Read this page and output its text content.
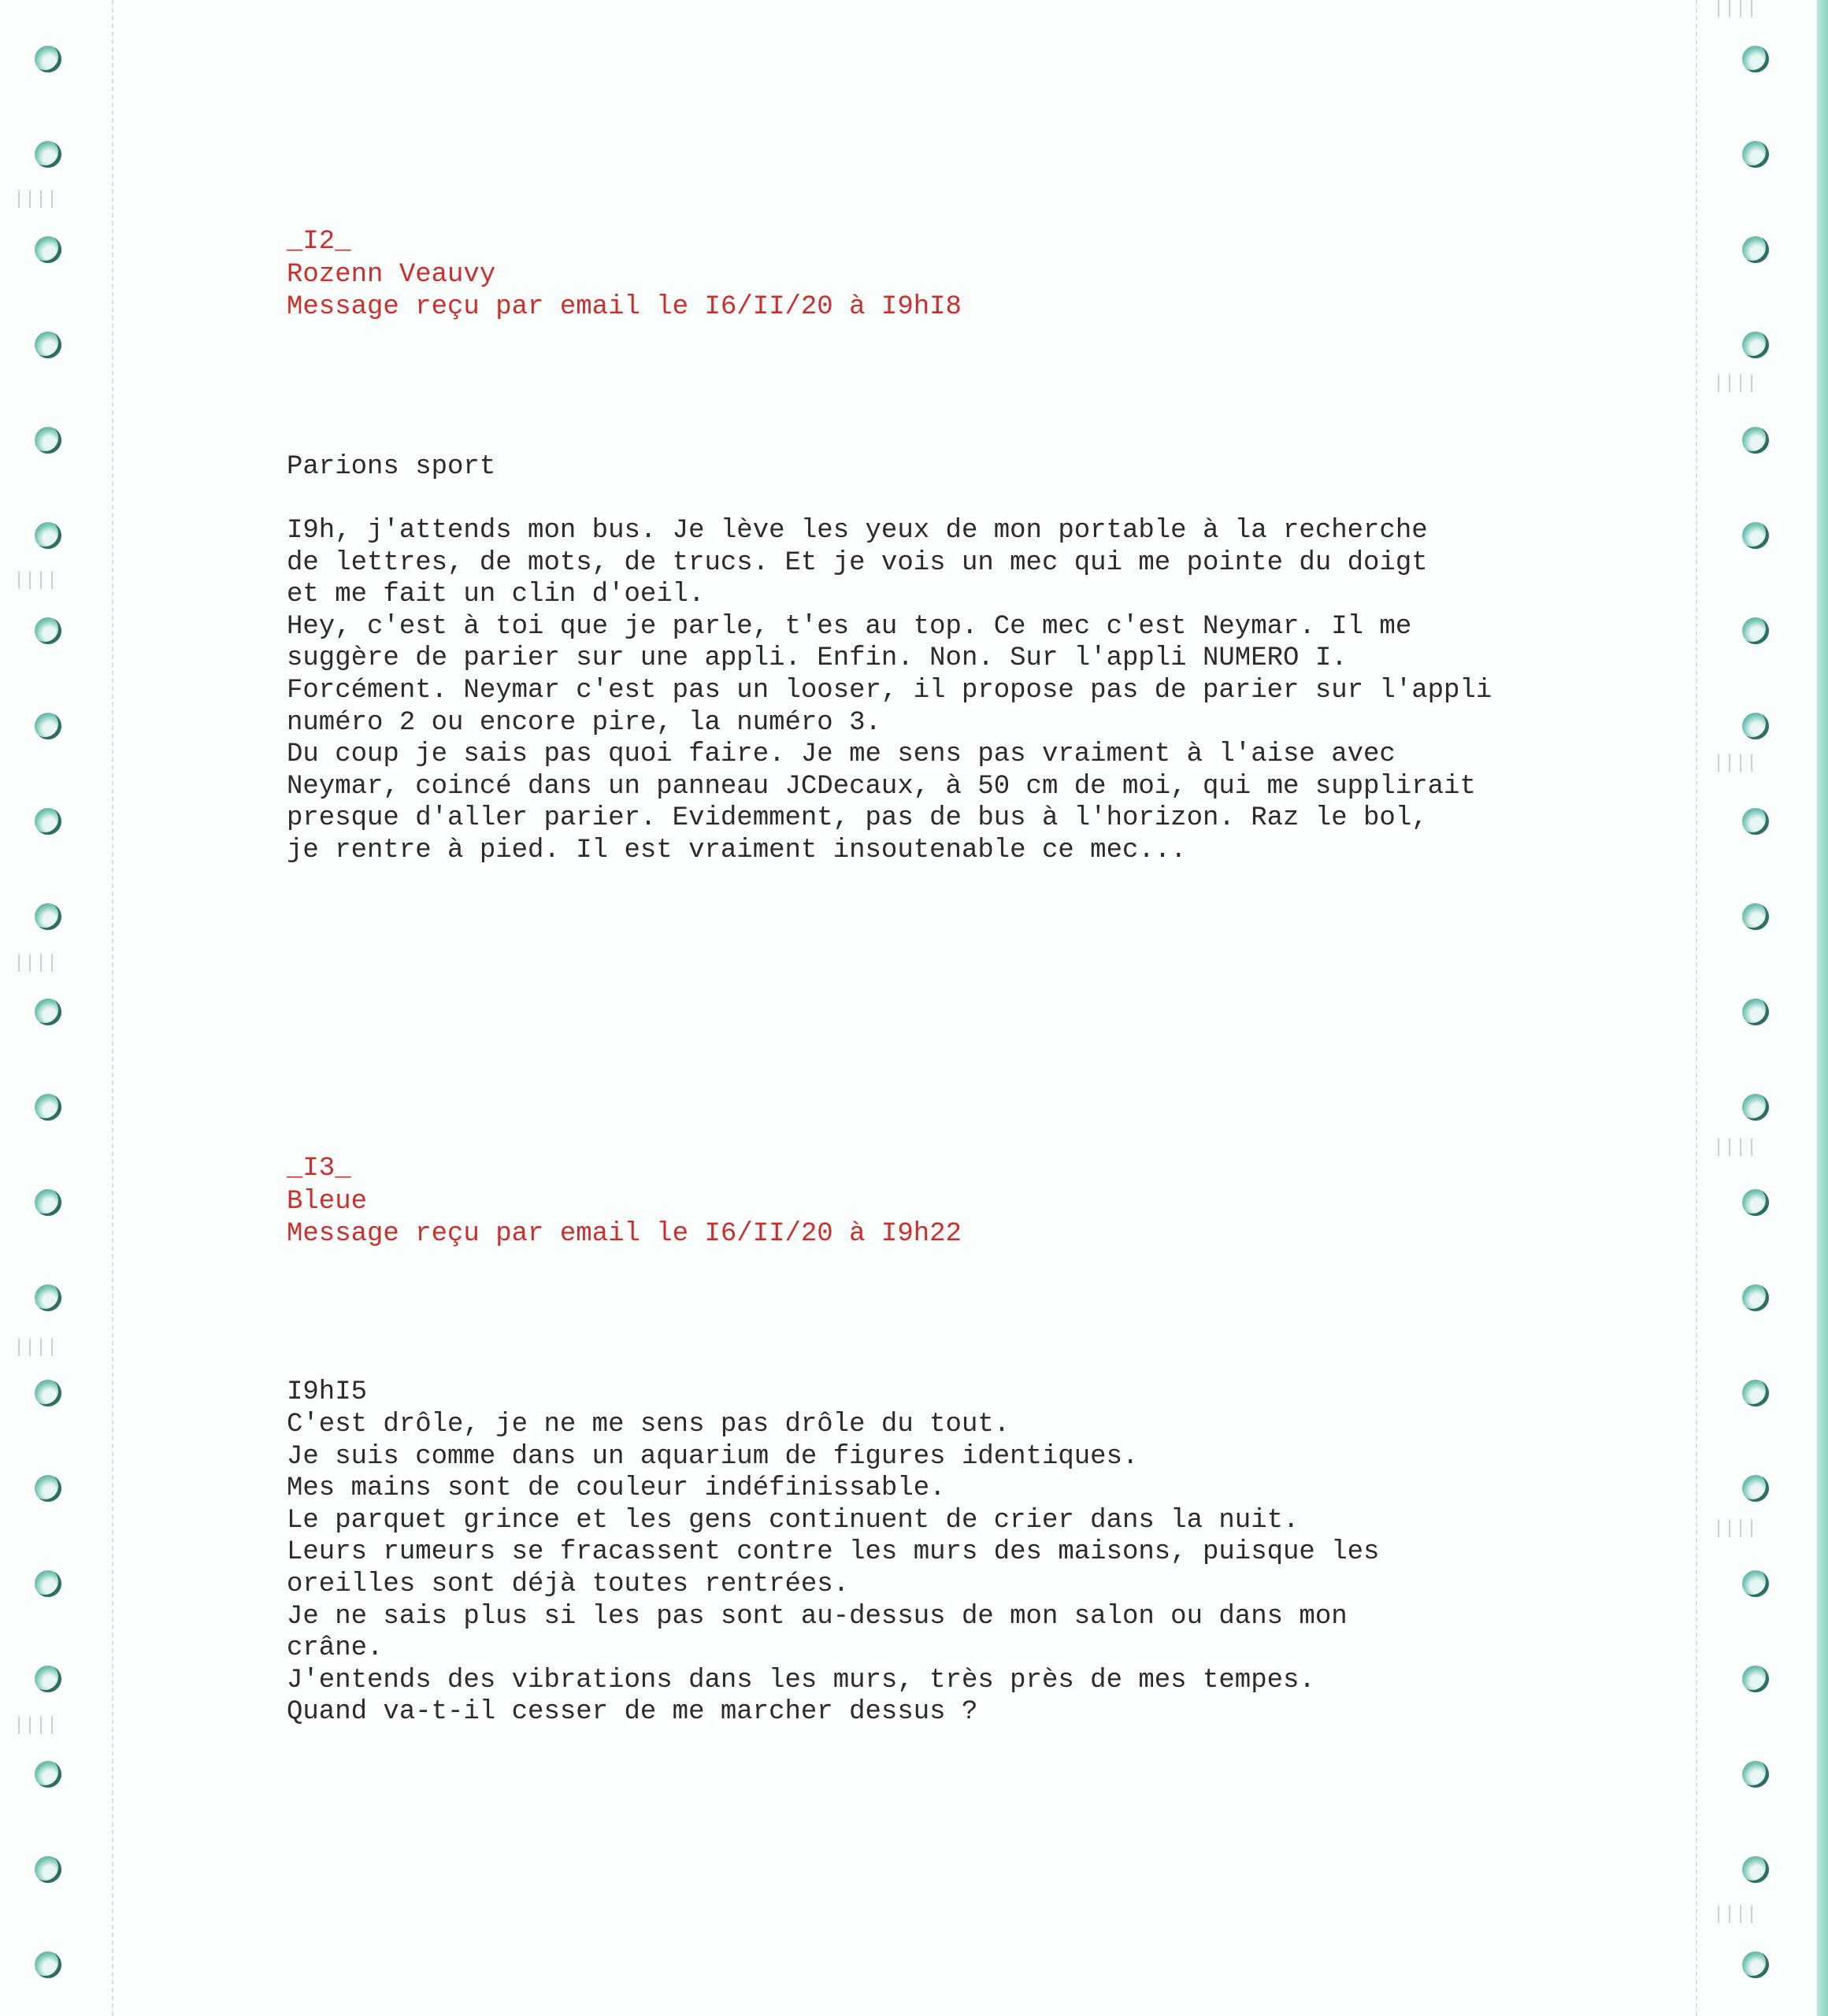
││││
││││
││││
││││
││││
││││
││││
││││
││││
││││
││││
_I2_
Rozenn Veauvy
Message reçu par email le I6/II/20 à I9hI8
Parions sport
I9h, j'attends mon bus. Je lève les yeux de mon portable à la recherche
de lettres, de mots, de trucs. Et je vois un mec qui me pointe du doigt
et me fait un clin d'oeil.
Hey, c'est à toi que je parle, t'es au top. Ce mec c'est Neymar. Il me
suggère de parier sur une appli. Enfin. Non. Sur l'appli NUMERO I.
Forcément. Neymar c'est pas un looser, il propose pas de parier sur l'appli
numéro 2 ou encore pire, la numéro 3.
Du coup je sais pas quoi faire. Je me sens pas vraiment à l'aise avec
Neymar, coincé dans un panneau JCDecaux, à 50 cm de moi, qui me supplirait
presque d'aller parier. Evidemment, pas de bus à l'horizon. Raz le bol,
je rentre à pied. Il est vraiment insoutenable ce mec...
_I3_
Bleue
Message reçu par email le I6/II/20 à I9h22
I9hI5
C'est drôle, je ne me sens pas drôle du tout.
Je suis comme dans un aquarium de figures identiques.
Mes mains sont de couleur indéfinissable.
Le parquet grince et les gens continuent de crier dans la nuit.
Leurs rumeurs se fracassent contre les murs des maisons, puisque les
oreilles sont déjà toutes rentrées.
Je ne sais plus si les pas sont au-dessus de mon salon ou dans mon
crâne.
J'entends des vibrations dans les murs, très près de mes tempes.
Quand va-t-il cesser de me marcher dessus ?
